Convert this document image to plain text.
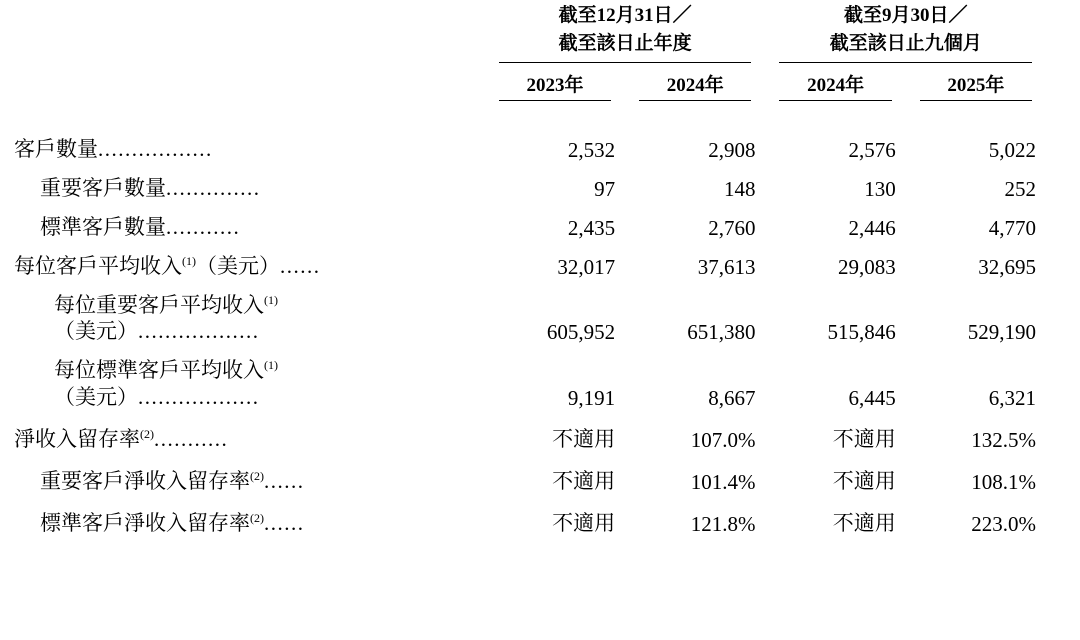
	截至12月31日／
截至該日止年度		截至9月30日／
截至該日止九個月	

	2023年	2024年	2024年	2025年

客戶數量.................	2,532	2,908	2,576	5,022
重要客戶數量..............	97	148	130	252
標準客戶數量...........	2,435	2,760	2,446	4,770
每位客戶平均收入$^{(1)}$（美元）......	32,017	37,613	29,083	32,695

每位重要客戶平均收入$^{(1)}$
（美元）..................	605,952	651,380	515,846	529,190

每位標準客戶平均收入$^{(1)}$
（美元）..................	9,191	8,667	6,445	6,321
淨收入留存率$^{(2)}$...........	不適用	107.0%	不適用	132.5%
重要客戶淨收入留存率$^{(2)}$......	不適用	101.4%	不適用	108.1%
標準客戶淨收入留存率$^{(2)}$......	不適用	121.8%	不適用	223.0%
